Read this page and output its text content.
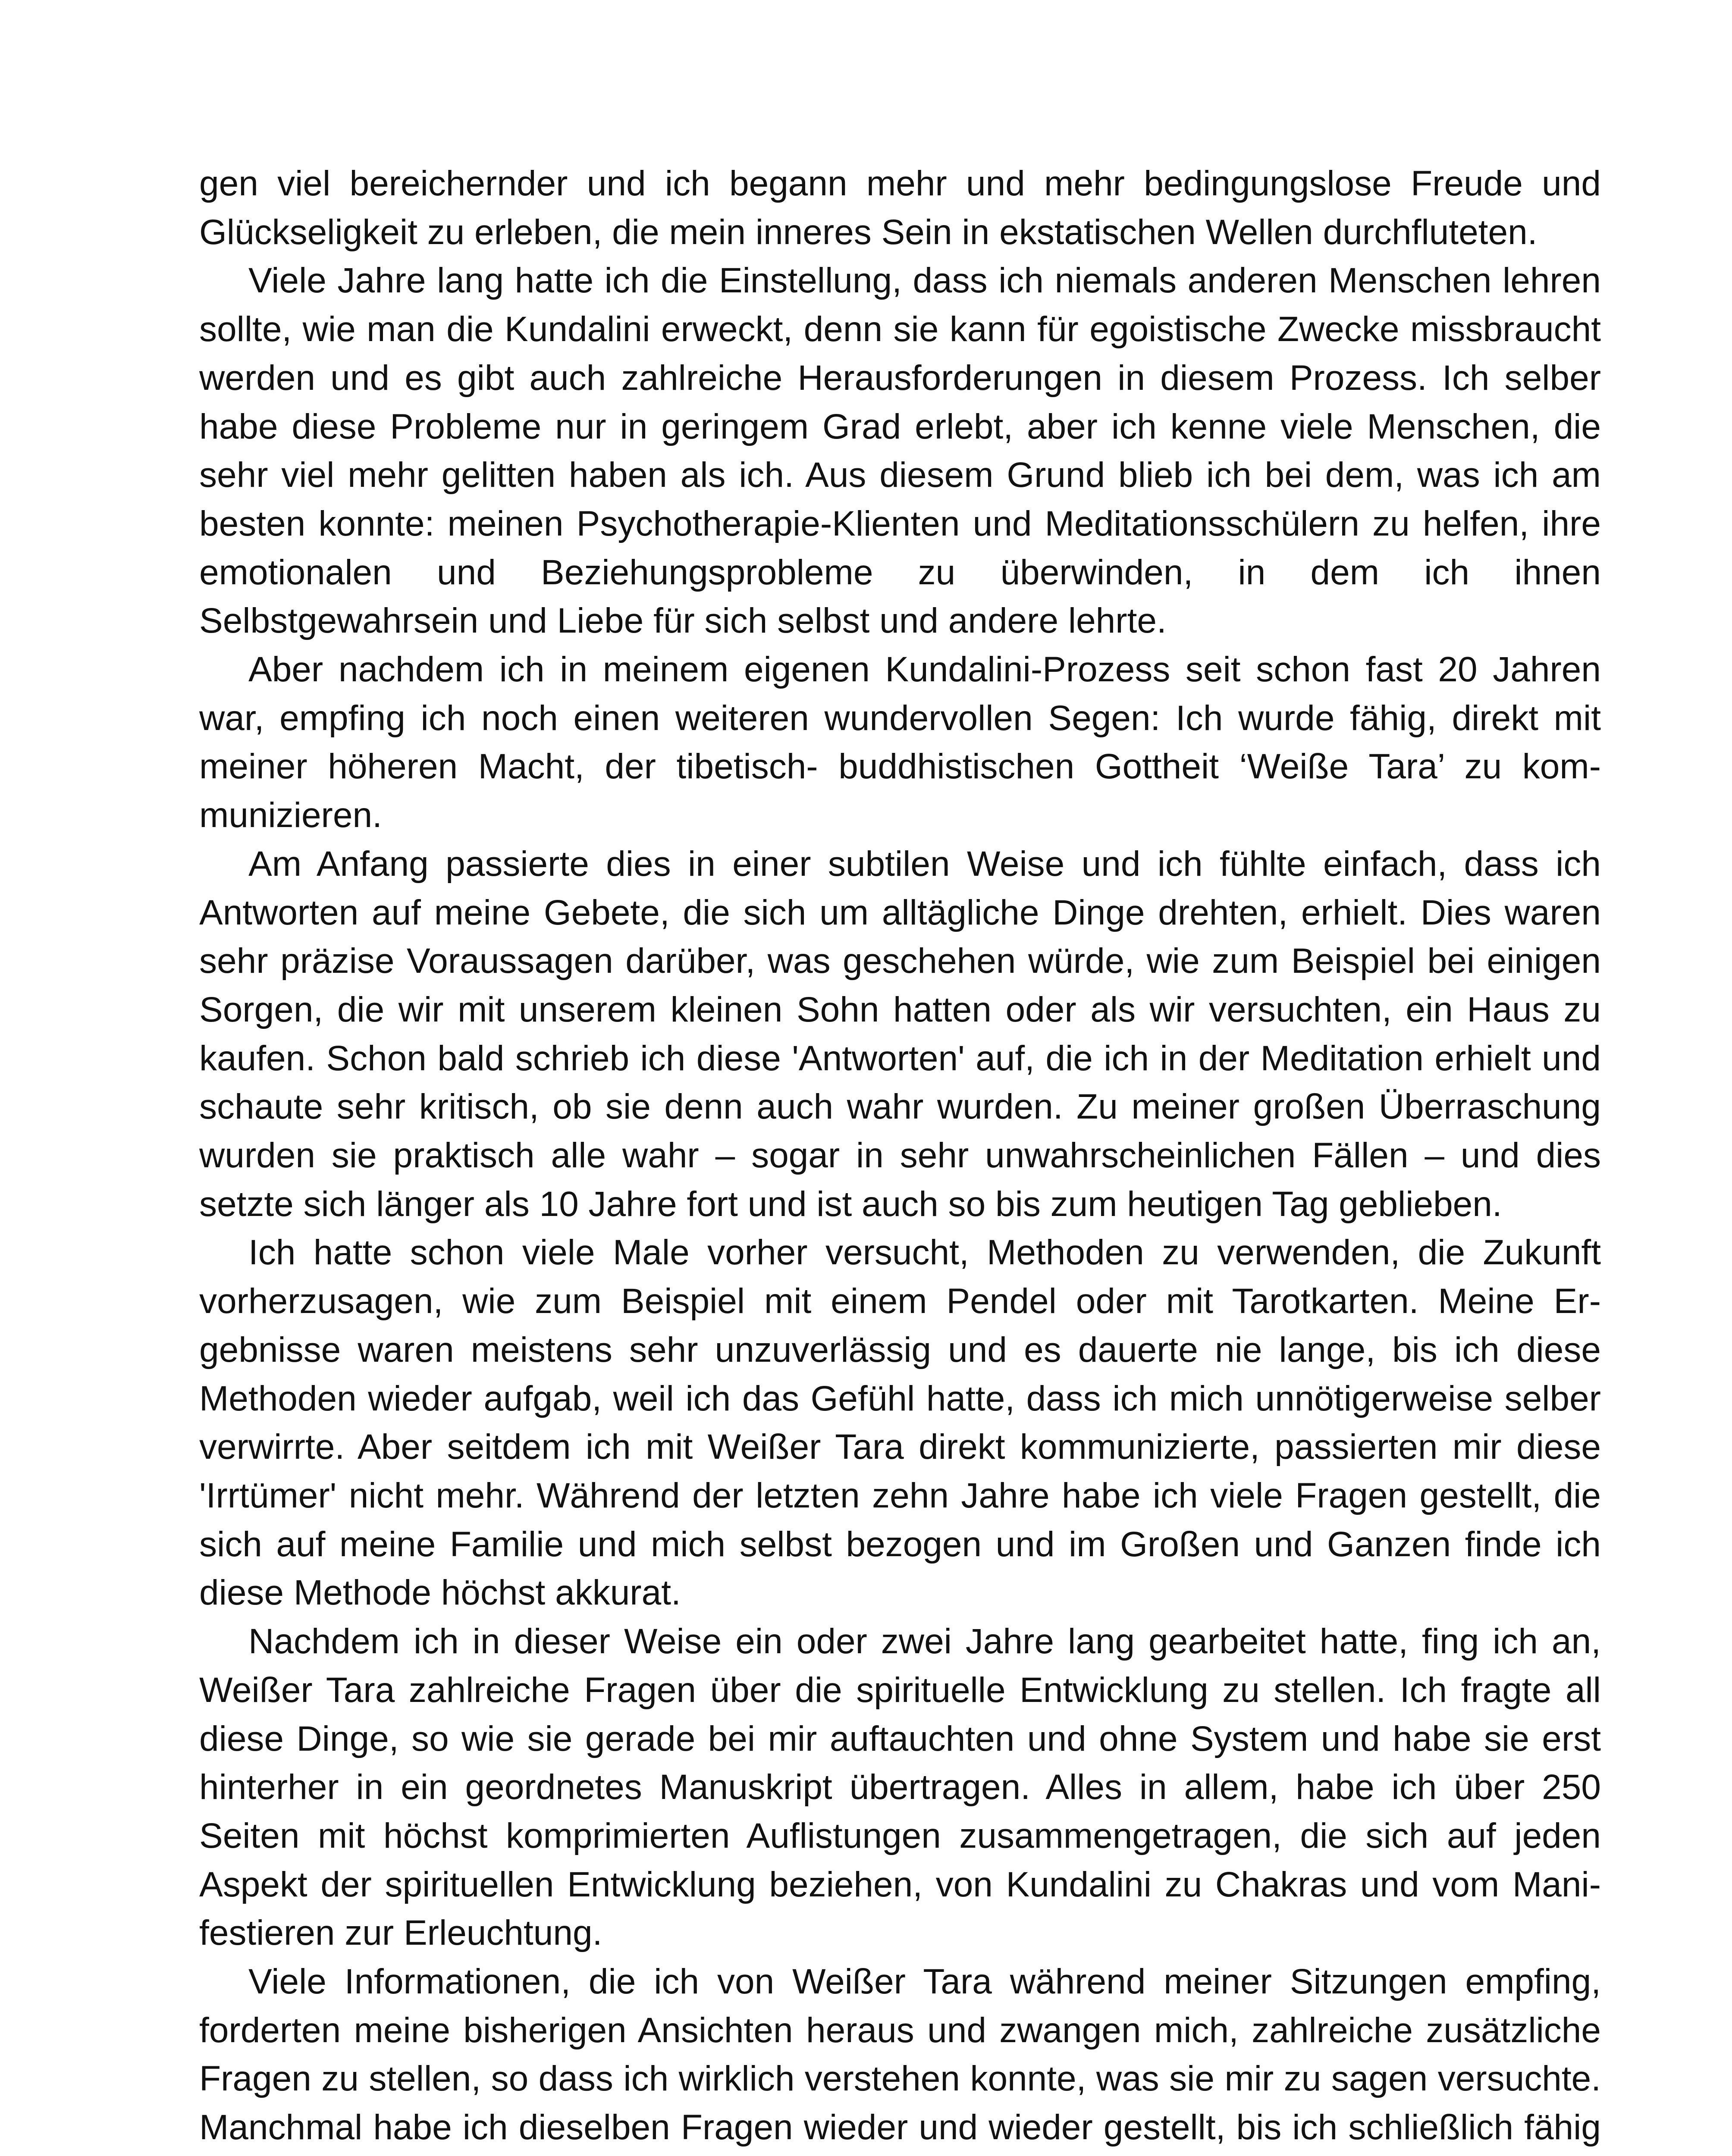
gen viel bereichernder und ich begann mehr und mehr bedingungslose Freude und Glückseligkeit zu erleben, die mein inneres Sein in ekstatischen Wellen durchfluteten.

Viele Jahre lang hatte ich die Einstellung, dass ich niemals anderen Menschen lehren sollte, wie man die Kundalini erweckt, denn sie kann für egoistische Zwecke missbraucht werden und es gibt auch zahlreiche Herausforderungen in diesem Prozess. Ich selber habe diese Probleme nur in geringem Grad erlebt, aber ich kenne viele Menschen, die sehr viel mehr gelitten haben als ich. Aus diesem Grund blieb ich bei dem, was ich am besten konnte: meinen Psychotherapie-Klienten und Meditationsschülern zu helfen, ihre emotionalen und Beziehungsprobleme zu überwinden, in dem ich ihnen Selbstgewahrsein und Liebe für sich selbst und andere lehrte.

Aber nachdem ich in meinem eigenen Kundalini-Prozess seit schon fast 20 Jahren war, empfing ich noch einen weiteren wundervollen Segen: Ich wurde fähig, direkt mit meiner höheren Macht, der tibetisch- buddhistischen Gottheit ‘Weiße Tara’ zu kommunizieren.

Am Anfang passierte dies in einer subtilen Weise und ich fühlte einfach, dass ich Antworten auf meine Gebete, die sich um alltägliche Dinge drehten, erhielt. Dies waren sehr präzise Voraussagen darüber, was geschehen würde, wie zum Beispiel bei einigen Sorgen, die wir mit unserem kleinen Sohn hatten oder als wir versuchten, ein Haus zu kaufen. Schon bald schrieb ich diese 'Antworten' auf, die ich in der Meditation erhielt und schaute sehr kritisch, ob sie denn auch wahr wurden. Zu meiner großen Überraschung wurden sie praktisch alle wahr – sogar in sehr unwahrscheinlichen Fällen – und dies setzte sich länger als 10 Jahre fort und ist auch so bis zum heutigen Tag geblieben.

Ich hatte schon viele Male vorher versucht, Methoden zu verwenden, die Zukunft vorherzusagen, wie zum Beispiel mit einem Pendel oder mit Tarotkarten. Meine Ergebnisse waren meistens sehr unzuverlässig und es dauerte nie lange, bis ich diese Methoden wieder aufgab, weil ich das Gefühl hatte, dass ich mich unnötigerweise selber verwirrte. Aber seitdem ich mit Weißer Tara direkt kommunizierte, passierten mir diese 'Irrtümer' nicht mehr. Während der letzten zehn Jahre habe ich viele Fragen gestellt, die sich auf meine Familie und mich selbst bezogen und im Großen und Ganzen finde ich diese Methode höchst akkurat.

Nachdem ich in dieser Weise ein oder zwei Jahre lang gearbeitet hatte, fing ich an, Weißer Tara zahlreiche Fragen über die spirituelle Entwicklung zu stellen. Ich fragte all diese Dinge, so wie sie gerade bei mir auftauchten und ohne System und habe sie erst hinterher in ein geordnetes Manuskript übertragen. Alles in allem, habe ich über 250 Seiten mit höchst komprimierten Auflistungen zusammengetragen, die sich auf jeden Aspekt der spirituellen Entwicklung beziehen, von Kundalini zu Chakras und vom Manifestieren zur Erleuchtung.

Viele Informationen, die ich von Weißer Tara während meiner Sitzungen empfing, forderten meine bisherigen Ansichten heraus und zwangen mich, zahlreiche zusätzliche Fragen zu stellen, so dass ich wirklich verstehen konnte, was sie mir zu sagen versuchte. Manchmal habe ich dieselben Fragen wieder und wieder gestellt, bis ich schließlich fähig
